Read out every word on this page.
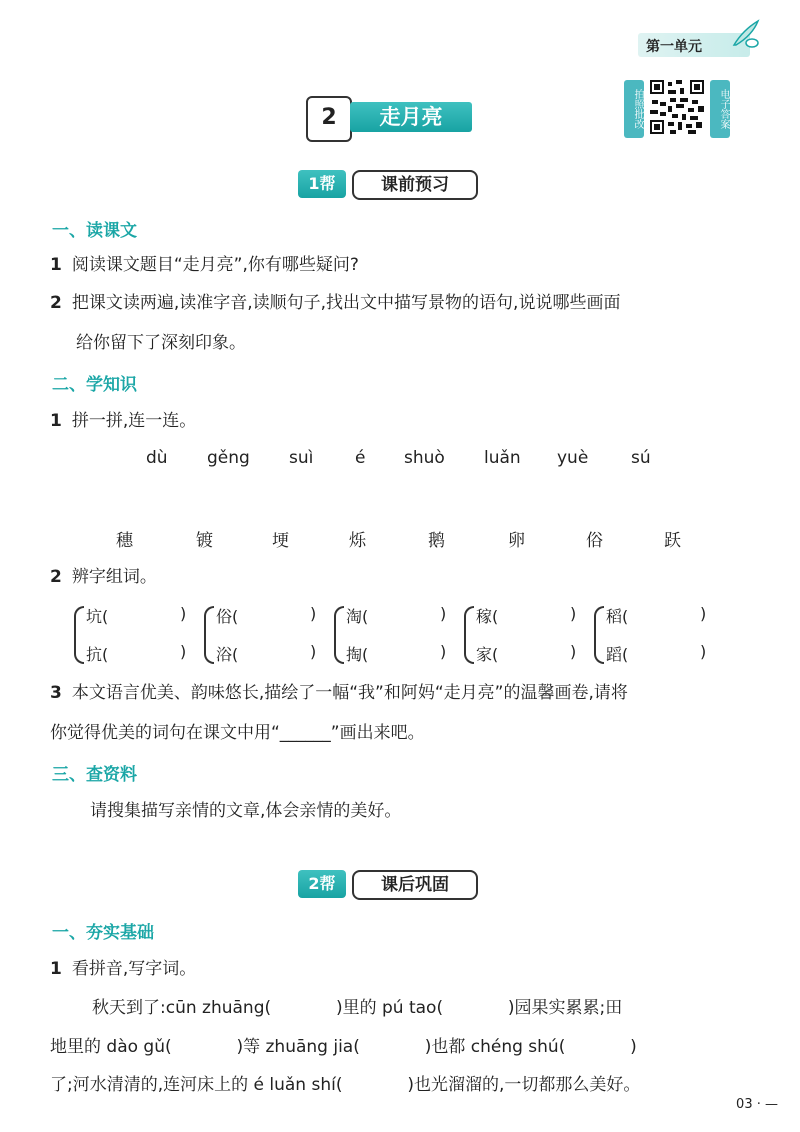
第一单元
2	走月亮	拍照批改	电子答案
1帮	课前预习
一、读课文
1 阅读课文题目“走月亮”,你有哪些疑问?
2 把课文读两遍,读准字音,读顺句子,找出文中描写景物的语句,说说哪些画面
给你留下了深刻印象。
二、学知识
1 拼一拼,连一连。
dù gěng suì é shuò luǎn yuè	sú
穗	镀	埂	烁	鹅	卵	俗	跃
2 辨字组词。
坑(	)
抗(	)
俗(	)
浴(	)
淘(	)
掏(	)
稼(	)
家(	)
稻(	)
蹈(	)
3 本文语言优美、韵味悠长,描绘了一幅“我”和阿妈“走月亮”的温馨画卷,请将
你觉得优美的词句在课文中用“______”画出来吧。
三、查资料
请搜集描写亲情的文章,体会亲情的美好。
2帮	课后巩固
一、夯实基础
1 看拼音,写字词。
秋天到了:cūn zhuāng(            )里的 pú tao(            )园果实累累;田
地里的 dào gǔ(            )等 zhuāng jia(            )也都 chéng shú(            )
了;河水清清的,连河床上的 é luǎn shí(            )也光溜溜的,一切都那么美好。
03 · —
